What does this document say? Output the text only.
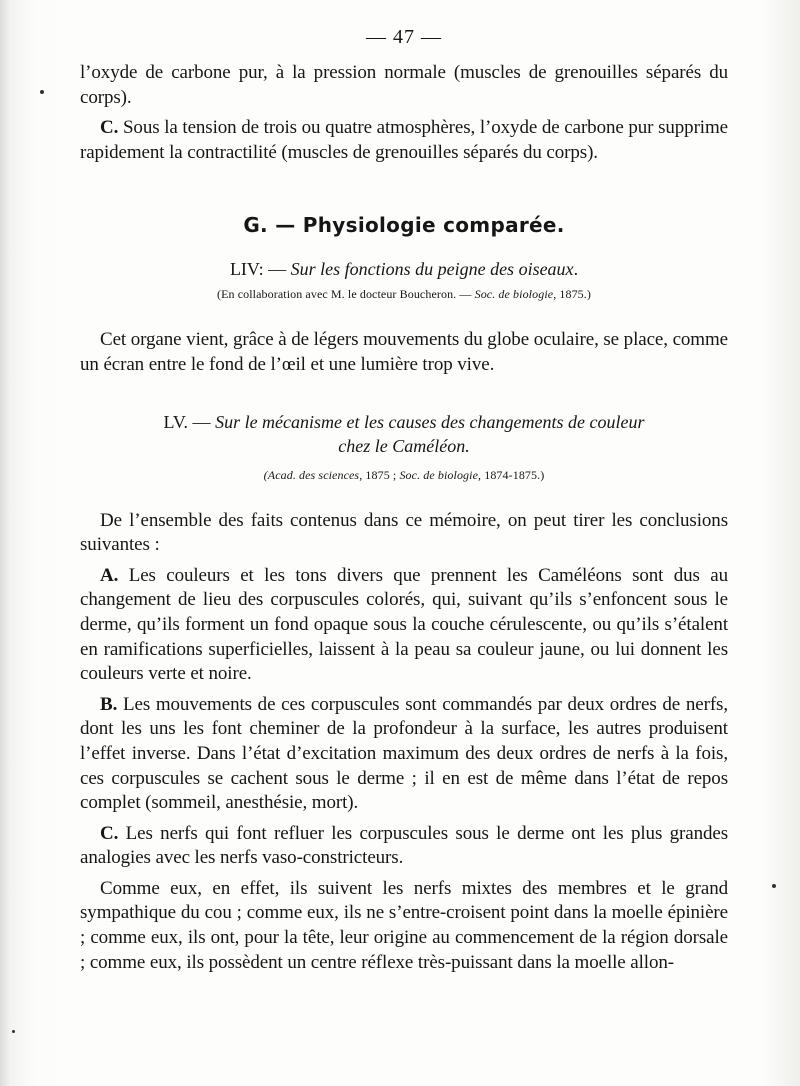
— 47 —

l’oxyde de carbone pur, à la pression normale (muscles de grenouilles séparés du corps).

C. Sous la tension de trois ou quatre atmosphères, l’oxyde de carbone pur supprime rapidement la contractilité (muscles de grenouilles séparés du corps).

G. — Physiologie comparée.
LIV: — Sur les fonctions du peigne des oiseaux.
(En collaboration avec M. le docteur Boucheron. — Soc. de biologie, 1875.)

Cet organe vient, grâce à de légers mouvements du globe oculaire, se place, comme un écran entre le fond de l’œil et une lumière trop vive.

LV. — Sur le mécanisme et les causes des changements de couleur
chez le Caméléon.
(Acad. des sciences, 1875 ; Soc. de biologie, 1874-1875.)

De l’ensemble des faits contenus dans ce mémoire, on peut tirer les conclusions suivantes :

A. Les couleurs et les tons divers que prennent les Caméléons sont dus au changement de lieu des corpuscules colorés, qui, suivant qu’ils s’enfoncent sous le derme, qu’ils forment un fond opaque sous la couche cérulescente, ou qu’ils s’étalent en ramifications superficielles, laissent à la peau sa couleur jaune, ou lui donnent les couleurs verte et noire.

B. Les mouvements de ces corpuscules sont commandés par deux ordres de nerfs, dont les uns les font cheminer de la profondeur à la surface, les autres produisent l’effet inverse. Dans l’état d’excitation maximum des deux ordres de nerfs à la fois, ces corpuscules se cachent sous le derme ; il en est de même dans l’état de repos complet (sommeil, anesthésie, mort).

C. Les nerfs qui font refluer les corpuscules sous le derme ont les plus grandes analogies avec les nerfs vaso-constricteurs.

Comme eux, en effet, ils suivent les nerfs mixtes des membres et le grand sympathique du cou ; comme eux, ils ne s’entre-croisent point dans la moelle épinière ; comme eux, ils ont, pour la tête, leur origine au commencement de la région dorsale ; comme eux, ils possèdent un centre réflexe très-puissant dans la moelle allon-
